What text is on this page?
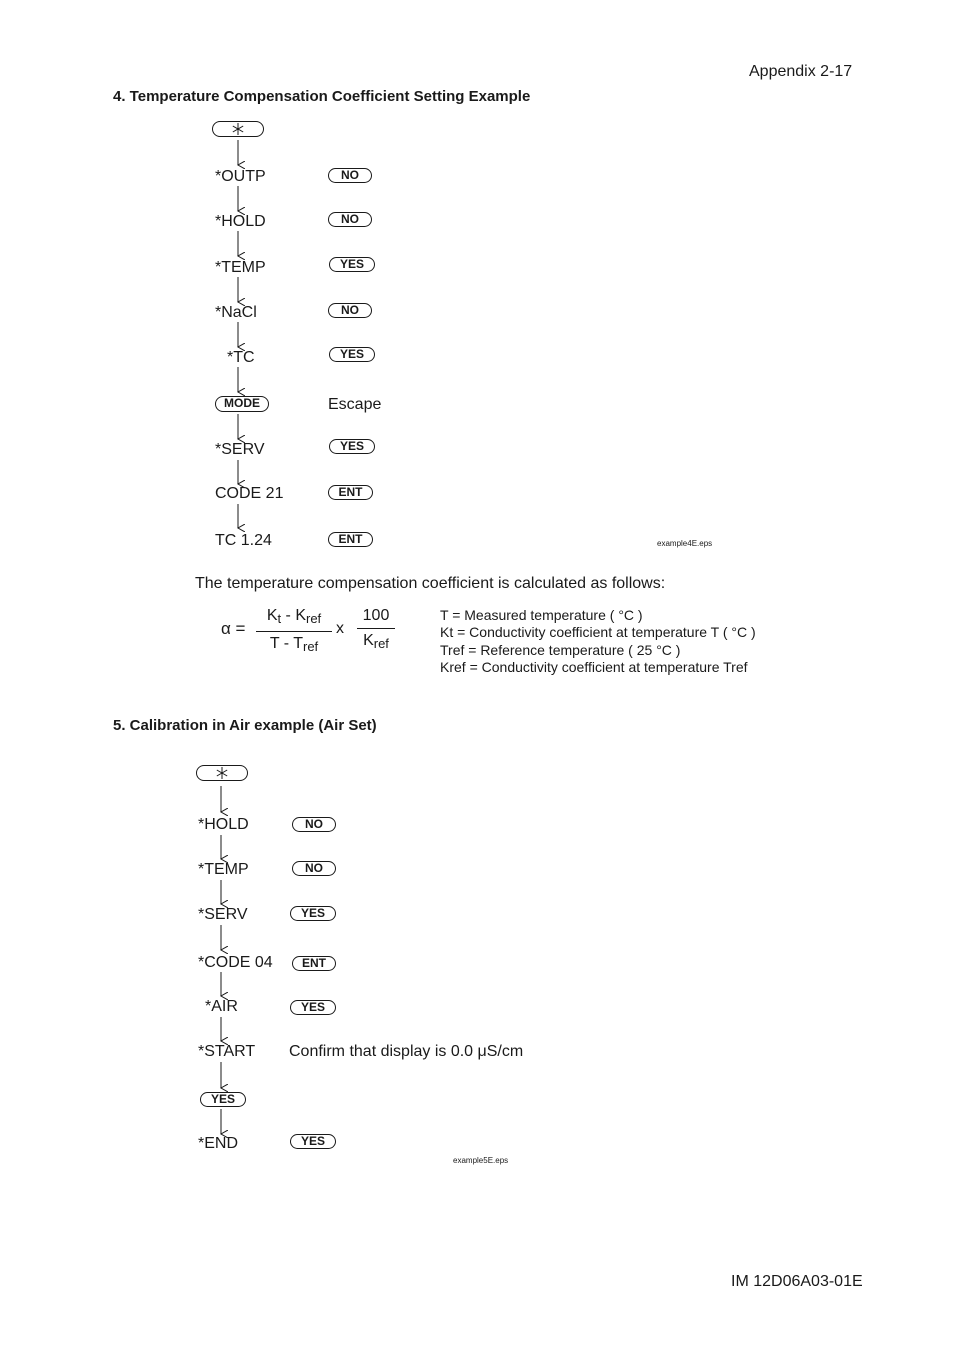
Appendix 2-17
4. Temperature Compensation Coefficient Setting Example
*OUTP	NO
*HOLD	NO
*TEMP	YES
*NaCl	NO
*TC	YES
MODE	Escape
*SERV	YES
CODE 21	ENT
TC 1.24	ENT	example4E.eps
The temperature compensation coefficient is calculated as follows:
α =
$K_t - K_{ref}$
T - $T_{ref}$
x
100
$K_{ref}$
T = Measured temperature ( °C )
Kt = Conductivity coefficient at temperature T ( °C )
Tref = Reference temperature ( 25 °C )
Kref = Conductivity coefficient at temperature Tref
5. Calibration in Air example (Air Set)
*HOLD	NO
*TEMP	NO
*SERV	YES
*CODE 04	ENT
*AIR	YES
*START Confirm that display is 0.0 μS/cm
YES
*END	YES
example5E.eps
IM 12D06A03-01E
